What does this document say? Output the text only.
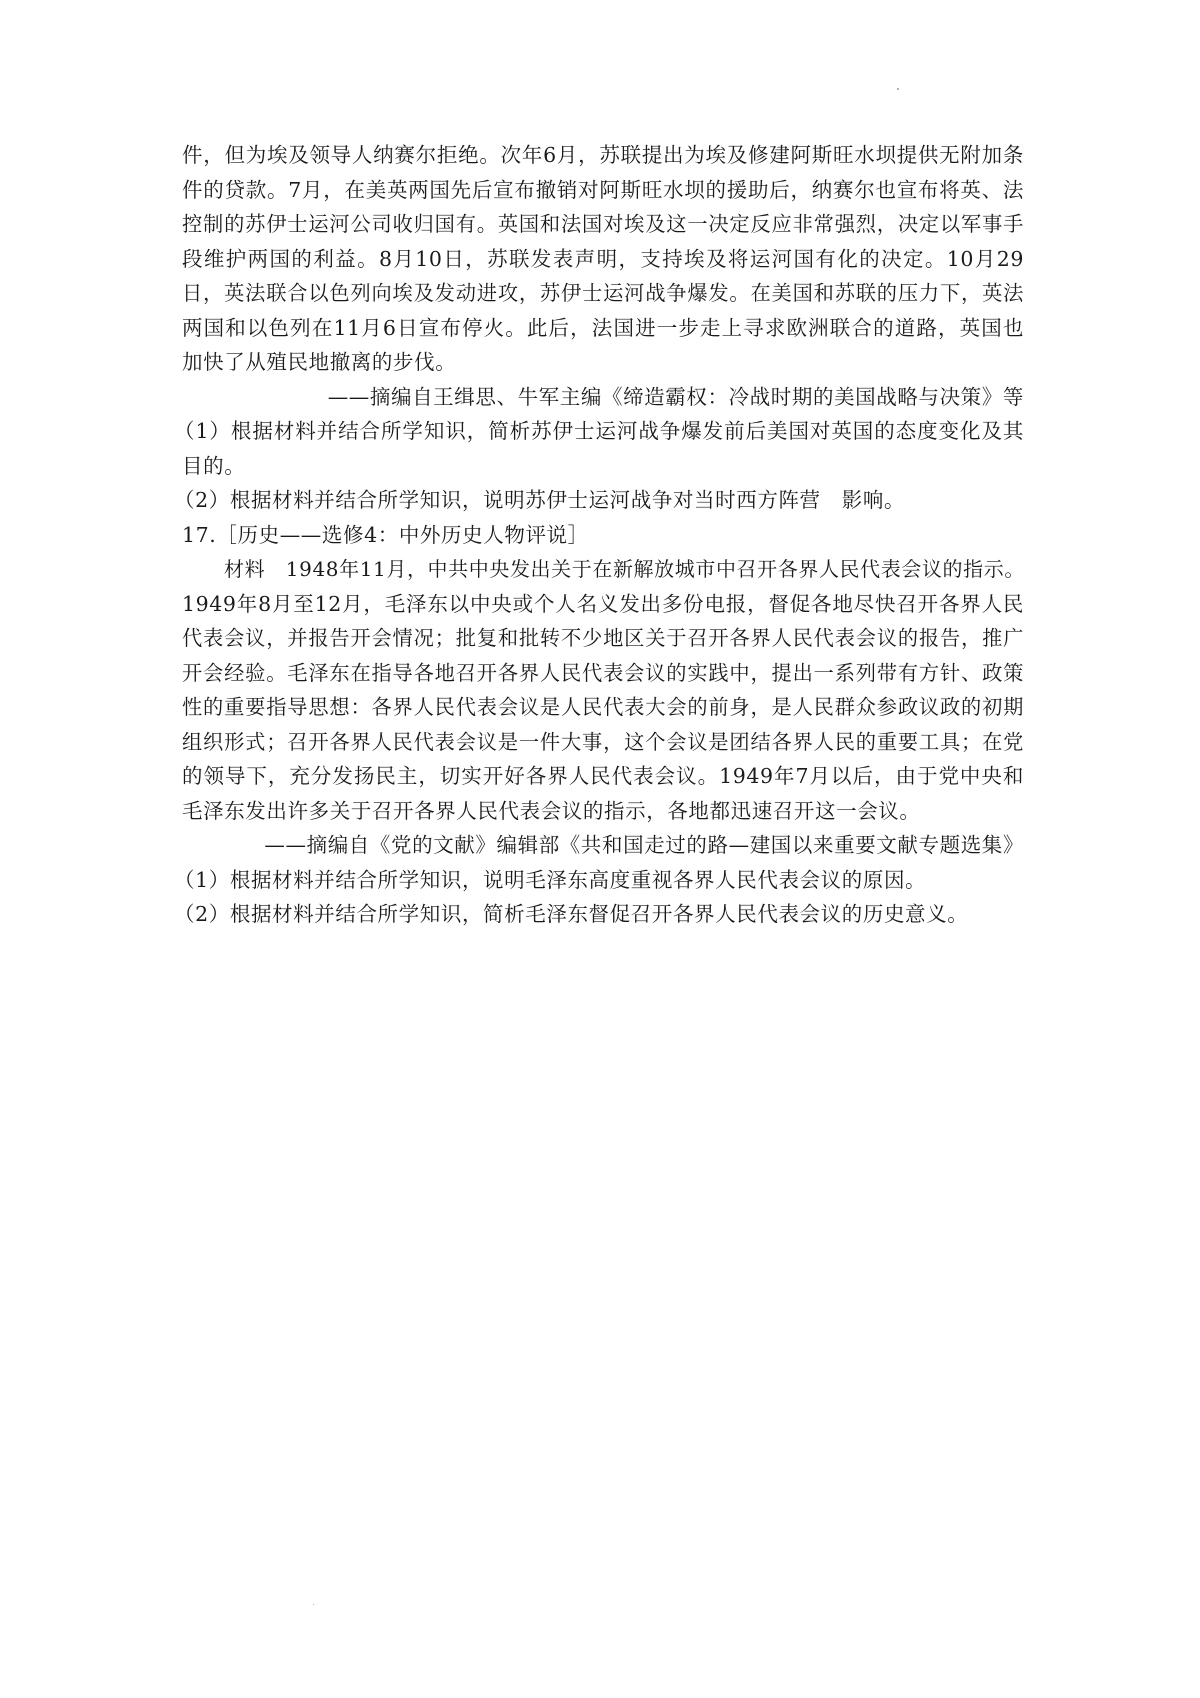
件，但为埃及领导人纳赛尔拒绝。次年6月，苏联提出为埃及修建阿斯旺水坝提供无附加条
件的贷款。7月，在美英两国先后宣布撤销对阿斯旺水坝的援助后，纳赛尔也宣布将英、法
控制的苏伊士运河公司收归国有。英国和法国对埃及这一决定反应非常强烈，决定以军事手
段维护两国的利益。8月10日，苏联发表声明，支持埃及将运河国有化的决定。10月29
日，英法联合以色列向埃及发动进攻，苏伊士运河战争爆发。在美国和苏联的压力下，英法
两国和以色列在11月6日宣布停火。此后，法国进一步走上寻求欧洲联合的道路，英国也
加快了从殖民地撤离的步伐。
——摘编自王缉思、牛军主编《缔造霸权：冷战时期的美国战略与决策》等
（1）根据材料并结合所学知识，简析苏伊士运河战争爆发前后美国对英国的态度变化及其
目的。
（2）根据材料并结合所学知识，说明苏伊士运河战争对当时西方阵营　影响。
17.［历史——选修4：中外历史人物评说］
材料　1948年11月，中共中央发出关于在新解放城市中召开各界人民代表会议的指示。
1949年8月至12月，毛泽东以中央或个人名义发出多份电报，督促各地尽快召开各界人民
代表会议，并报告开会情况；批复和批转不少地区关于召开各界人民代表会议的报告，推广
开会经验。毛泽东在指导各地召开各界人民代表会议的实践中，提出一系列带有方针、政策
性的重要指导思想：各界人民代表会议是人民代表大会的前身，是人民群众参政议政的初期
组织形式；召开各界人民代表会议是一件大事，这个会议是团结各界人民的重要工具；在党
的领导下，充分发扬民主，切实开好各界人民代表会议。1949年7月以后，由于党中央和
毛泽东发出许多关于召开各界人民代表会议的指示，各地都迅速召开这一会议。
——摘编自《党的文献》编辑部《共和国走过的路—建国以来重要文献专题选集》
（1）根据材料并结合所学知识，说明毛泽东高度重视各界人民代表会议的原因。
（2）根据材料并结合所学知识，简析毛泽东督促召开各界人民代表会议的历史意义。
